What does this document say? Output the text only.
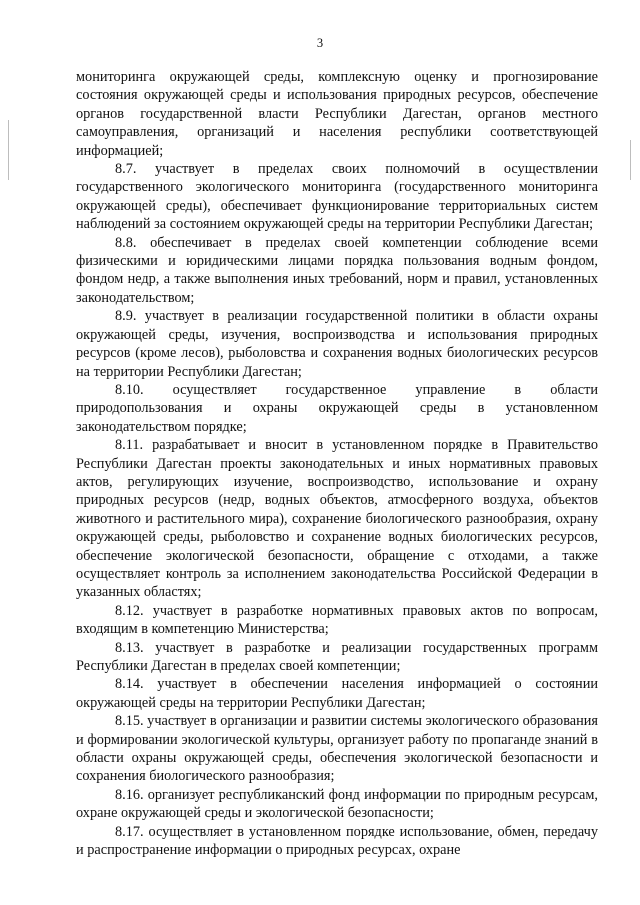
3

мониторинга окружающей среды, комплексную оценку и прогнозирование состояния окружающей среды и использования природных ресурсов, обеспечение органов государственной власти Республики Дагестан, органов местного самоуправления, организаций и населения республики соответствующей информацией;

8.7. участвует в пределах своих полномочий в осуществлении государственного экологического мониторинга (государственного мониторинга окружающей среды), обеспечивает функционирование территориальных систем наблюдений за состоянием окружающей среды на территории Республики Дагестан;

8.8. обеспечивает в пределах своей компетенции соблюдение всеми физическими и юридическими лицами порядка пользования водным фондом, фондом недр, а также выполнения иных требований, норм и правил, установленных законодательством;

8.9. участвует в реализации государственной политики в области охраны окружающей среды, изучения, воспроизводства и использования природных ресурсов (кроме лесов), рыболовства и сохранения водных биологических ресурсов на территории Республики Дагестан;

8.10. осуществляет государственное управление в области природопользования и охраны окружающей среды в установленном законодательством порядке;

8.11. разрабатывает и вносит в установленном порядке в Правительство Республики Дагестан проекты законодательных и иных нормативных правовых актов, регулирующих изучение, воспроизводство, использование и охрану природных ресурсов (недр, водных объектов, атмосферного воздуха, объектов животного и растительного мира), сохранение биологического разнообразия, охрану окружающей среды, рыболовство и сохранение водных биологических ресурсов, обеспечение экологической безопасности, обращение с отходами, а также осуществляет контроль за исполнением законодательства Российской Федерации в указанных областях;

8.12. участвует в разработке нормативных правовых актов по вопросам, входящим в компетенцию Министерства;

8.13. участвует в разработке и реализации государственных программ Республики Дагестан в пределах своей компетенции;

8.14. участвует в обеспечении населения информацией о состоянии окружающей среды на территории Республики Дагестан;

8.15. участвует в организации и развитии системы экологического образования и формировании экологической культуры, организует работу по пропаганде знаний в области охраны окружающей среды, обеспечения экологической безопасности и сохранения биологического разнообразия;

8.16. организует республиканский фонд информации по природным ресурсам, охране окружающей среды и экологической безопасности;

8.17. осуществляет в установленном порядке использование, обмен, передачу и распространение информации о природных ресурсах, охране
